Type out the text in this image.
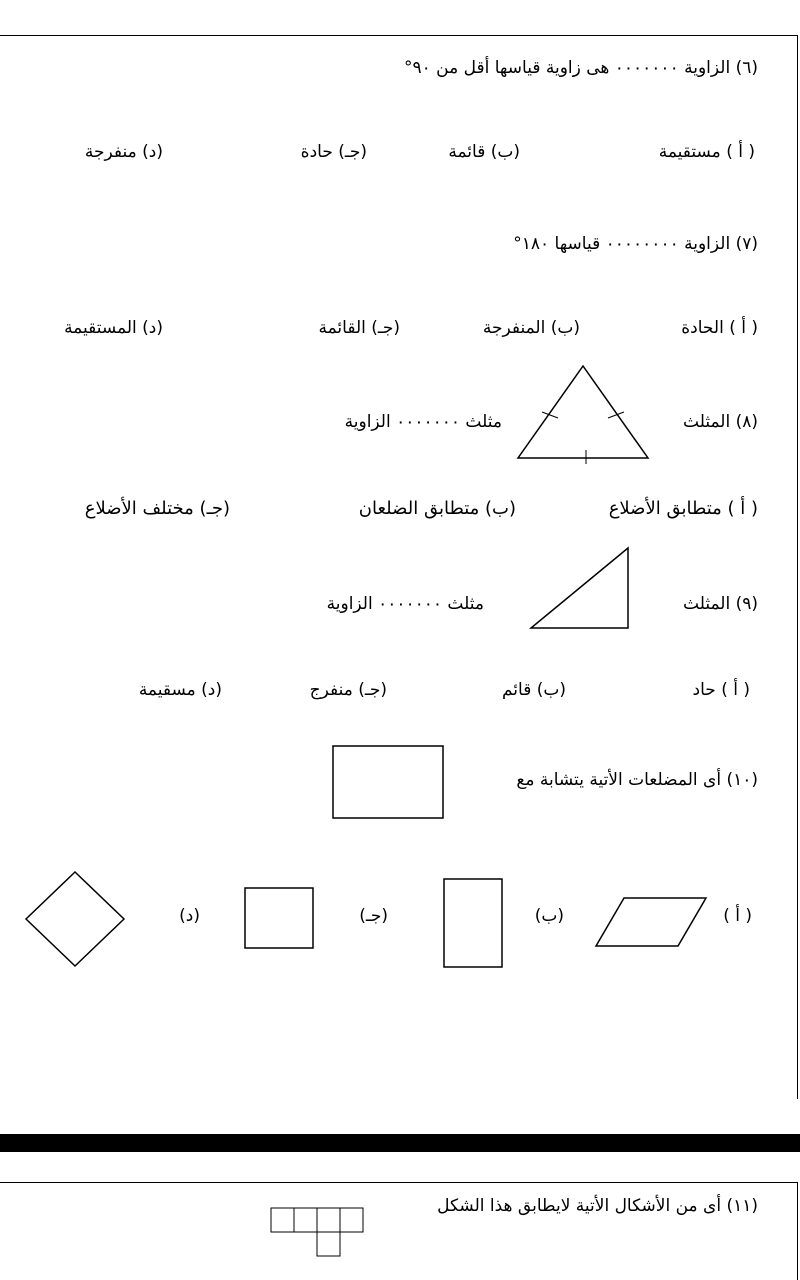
(٦) الزاوية ٠٠٠٠٠٠٠ هى زاوية قياسها أقل من ٩٠°
( أ ) مستقيمة
(ب) قائمة
(جـ) حادة
(د) منفرجة
(٧) الزاوية ٠٠٠٠٠٠٠٠ قياسها ١٨٠°
( أ ) الحادة
(ب) المنفرجة
(جـ) القائمة
(د) المستقيمة
(٨) المثلث
مثلث ٠٠٠٠٠٠٠ الزاوية
( أ ) متطابق الأضلاع
(ب) متطابق الضلعان
(جـ) مختلف الأضلاع
(٩) المثلث
مثلث ٠٠٠٠٠٠٠ الزاوية
( أ ) حاد
(ب) قائم
(جـ) منفرج
(د) مسقيمة
(١٠) أى المضلعات الأتية يتشابة مع
( أ )
(ب)
(جـ)
(د)
(١١) أى من الأشكال الأتية لايطابق هذا الشكل
